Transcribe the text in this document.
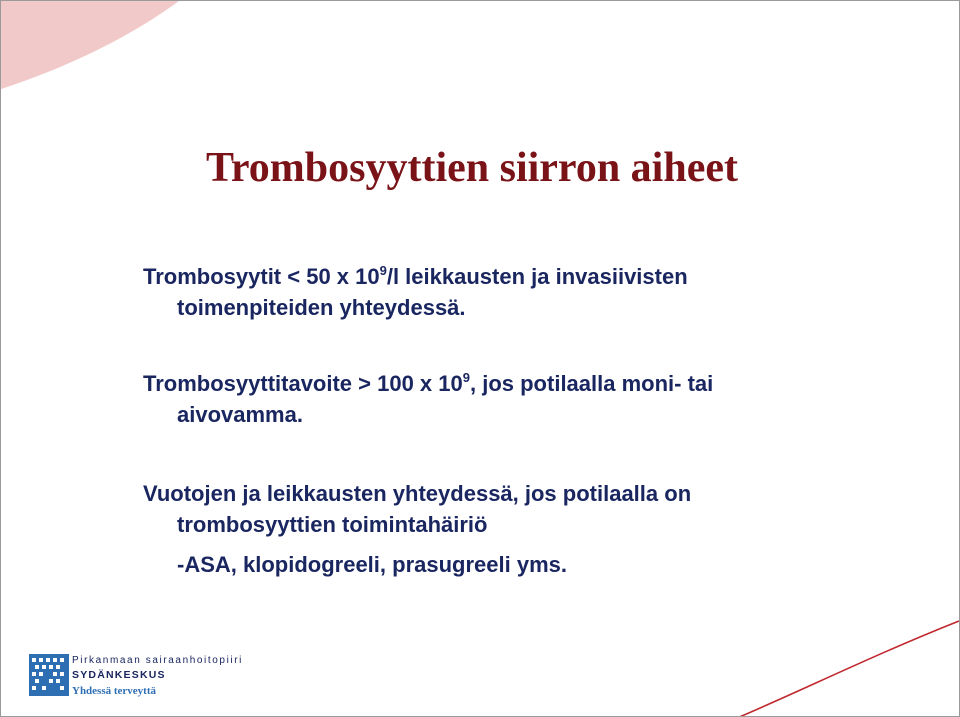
Trombosyyttien siirron aiheet

Trombosyytit < 50 x $10^9/l$ leikkausten ja invasiivisten
toimenpiteiden yhteydessä.

Trombosyyttitavoite > 100 x $10^9$, jos potilaalla moni- tai
aivovamma.

Vuotojen ja leikkausten yhteydessä, jos potilaalla on
trombosyyttien toimintahäiriö
-ASA, klopidogreeli, prasugreeli yms.

Pirkanmaan sairaanhoitopiiri
SYDÄNKESKUS
Yhdessä terveyttä
